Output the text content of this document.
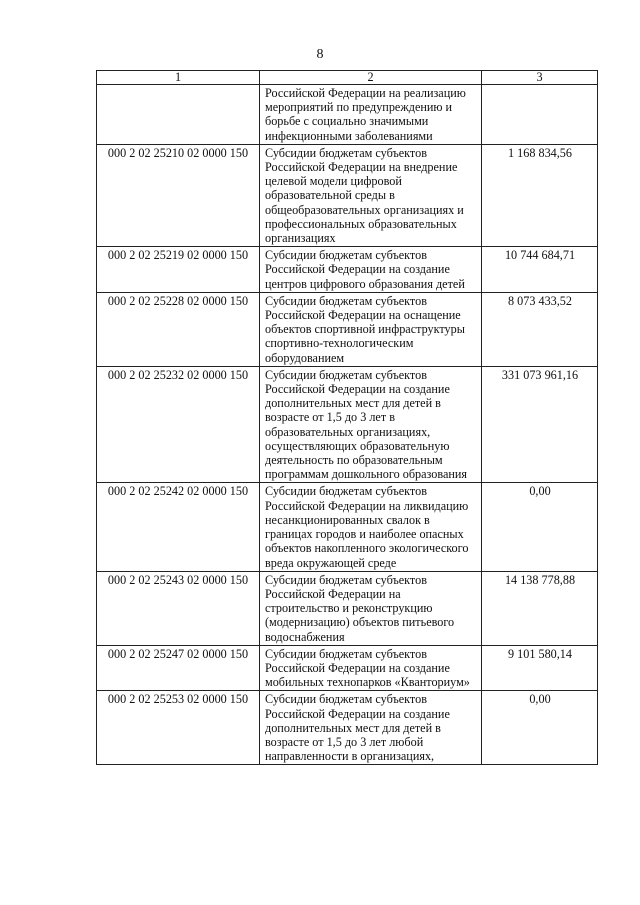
8
1	2	3
	Российской Федерации на реализацию мероприятий по предупреждению и борьбе с социально значимыми инфекционными заболеваниями	
000 2 02 25210 02 0000 150	Субсидии бюджетам субъектов Российской Федерации на внедрение целевой модели цифровой образовательной среды в общеобразовательных организациях и профессиональных образовательных организациях	1 168 834,56
000 2 02 25219 02 0000 150	Субсидии бюджетам субъектов Российской Федерации на создание центров цифрового образования детей	10 744 684,71
000 2 02 25228 02 0000 150	Субсидии бюджетам субъектов Российской Федерации на оснащение объектов спортивной инфраструктуры спортивно-технологическим оборудованием	8 073 433,52
000 2 02 25232 02 0000 150	Субсидии бюджетам субъектов Российской Федерации на создание дополнительных мест для детей в возрасте от 1,5 до 3 лет в образовательных организациях, осуществляющих образовательную деятельность по образовательным программам дошкольного образования	331 073 961,16
000 2 02 25242 02 0000 150	Субсидии бюджетам субъектов Российской Федерации на ликвидацию несанкционированных свалок в границах городов и наиболее опасных объектов накопленного экологического вреда окружающей среде	0,00
000 2 02 25243 02 0000 150	Субсидии бюджетам субъектов Российской Федерации на строительство и реконструкцию (модернизацию) объектов питьевого водоснабжения	14 138 778,88
000 2 02 25247 02 0000 150	Субсидии бюджетам субъектов Российской Федерации на создание мобильных технопарков «Кванториум»	9 101 580,14
000 2 02 25253 02 0000 150	Субсидии бюджетам субъектов Российской Федерации на создание дополнительных мест для детей в возрасте от 1,5 до 3 лет любой направленности в организациях,	0,00
